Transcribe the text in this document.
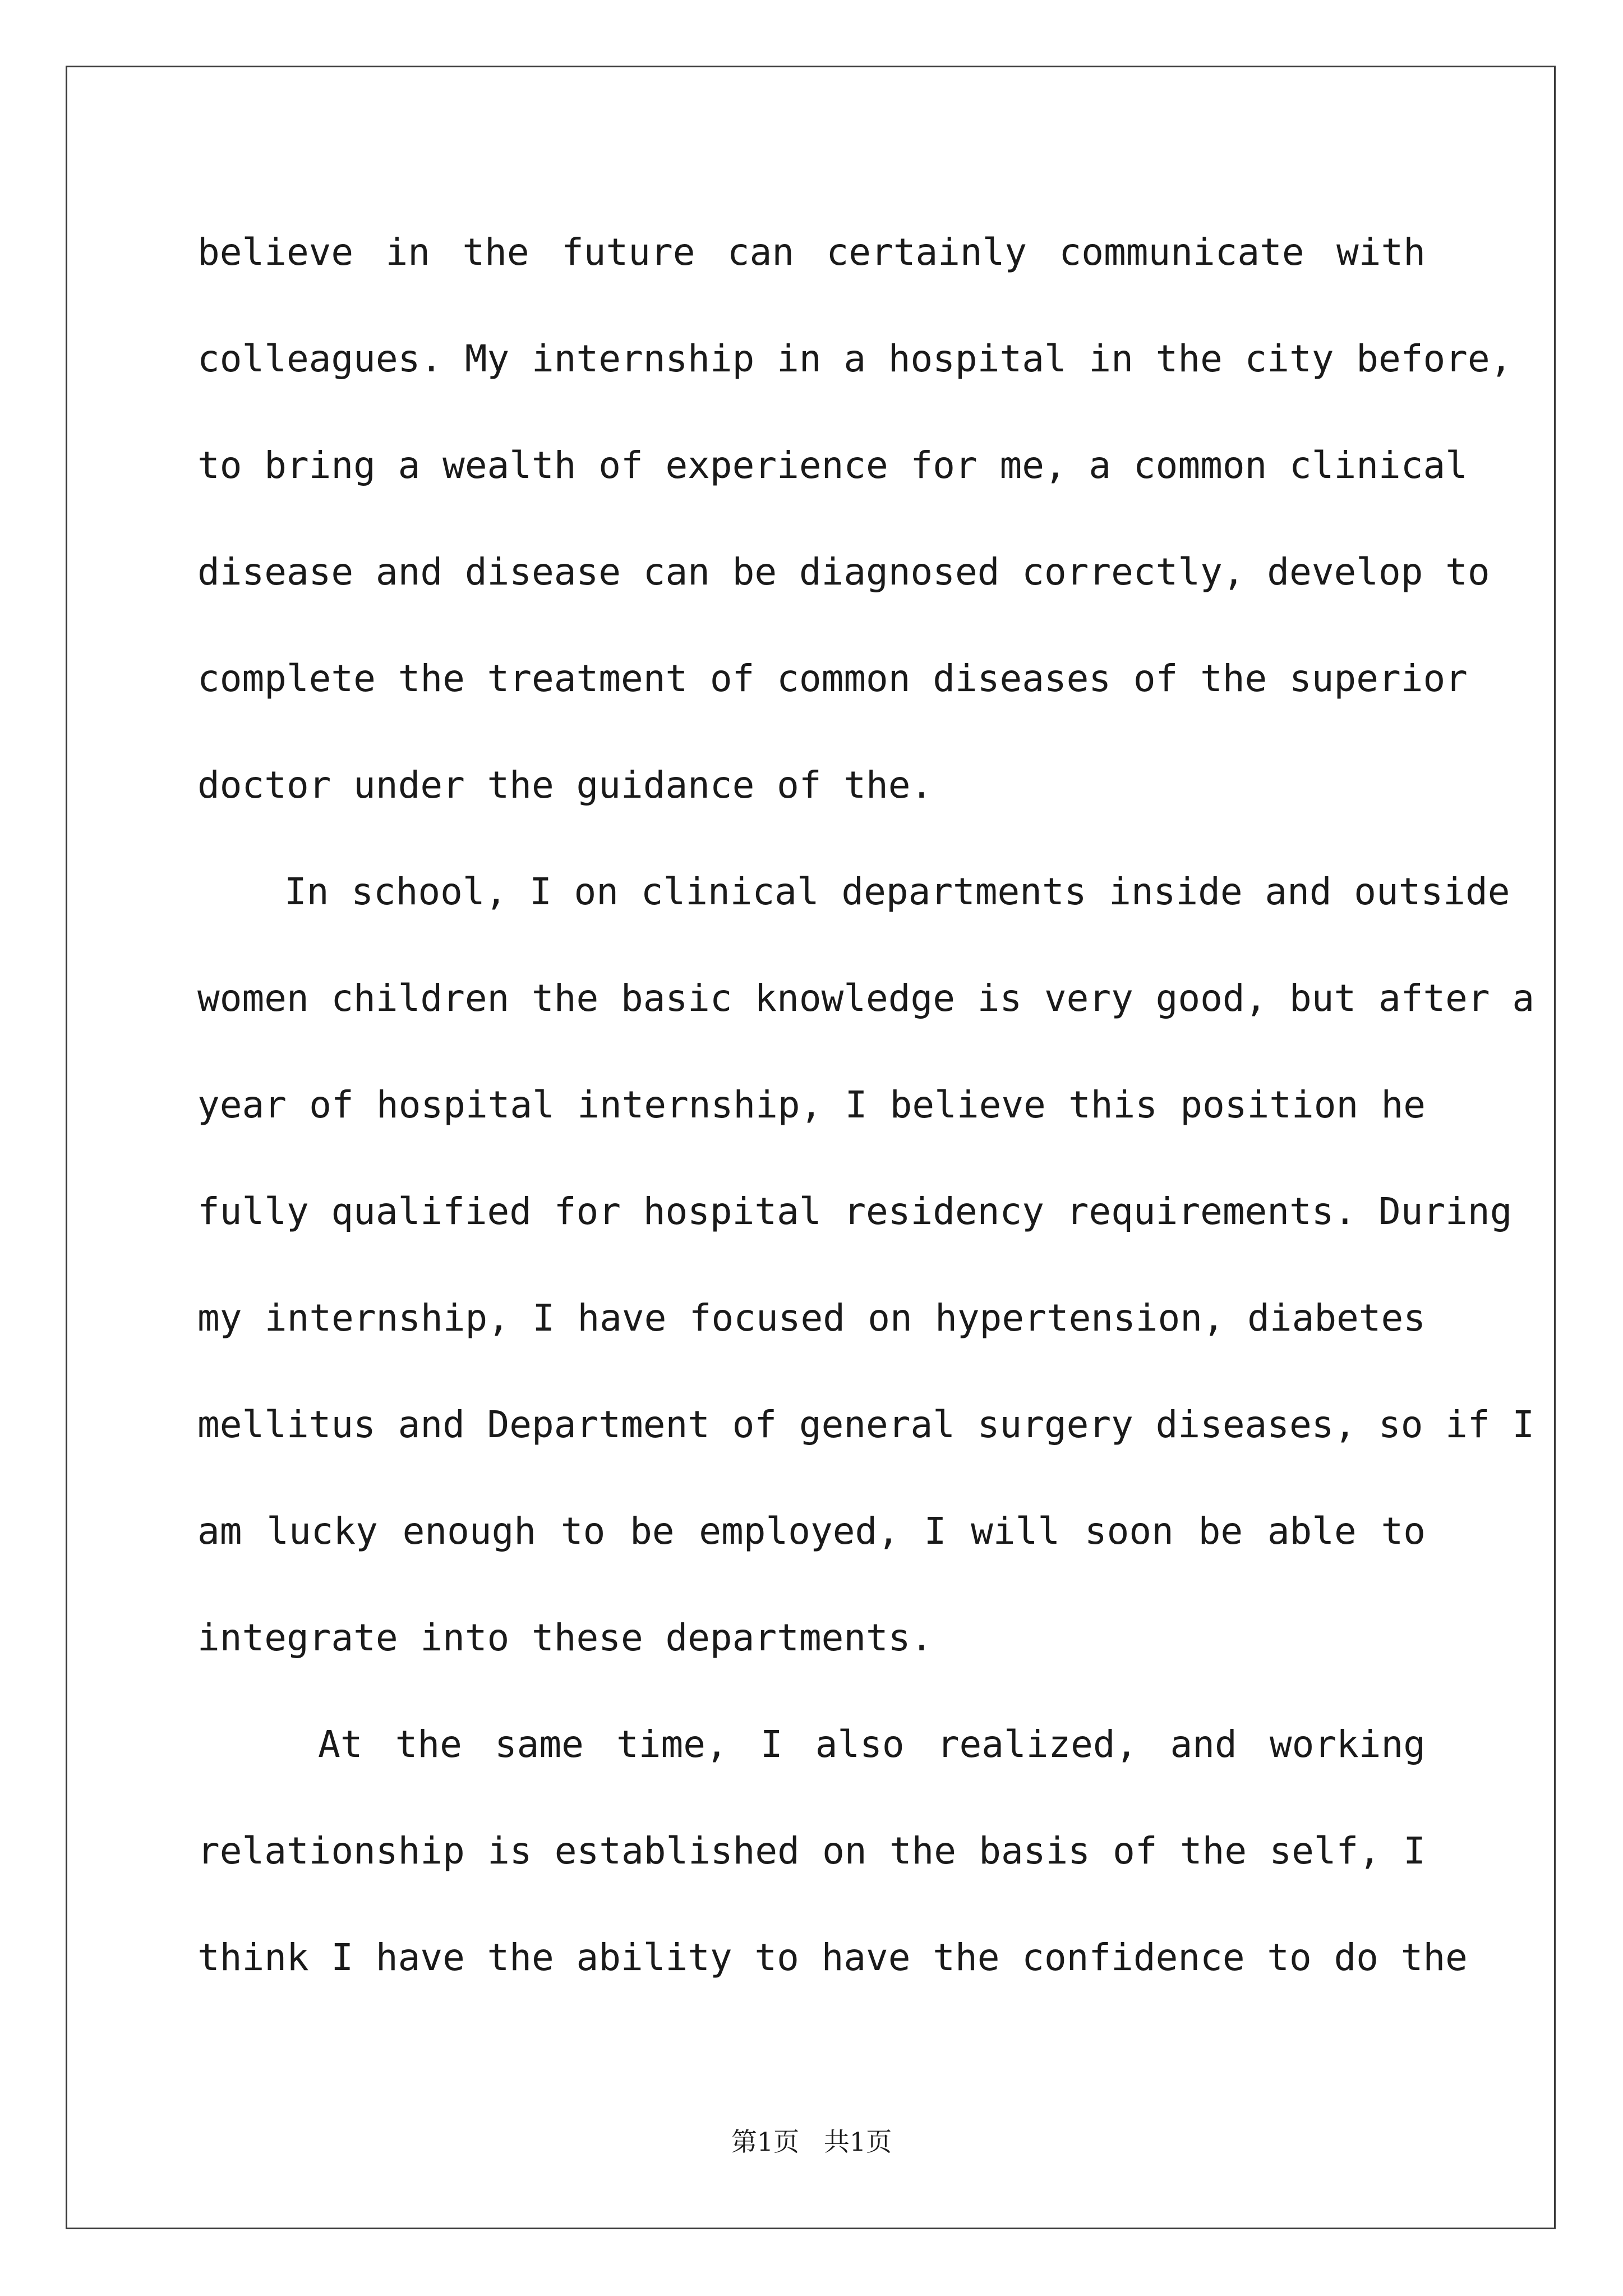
believe in the future can certainly communicate with
colleagues. My internship in a hospital in the city before,
to bring a wealth of experience for me, a common clinical
disease and disease can be diagnosed correctly, develop to
complete the treatment of common diseases of the superior
doctor under the guidance of the.
In school, I on clinical departments inside and outside
women children the basic knowledge is very good, but after a
year of hospital internship, I believe this position he
fully qualified for hospital residency requirements. During
my internship, I have focused on hypertension, diabetes
mellitus and Department of general surgery diseases, so if I
am lucky enough to be employed, I will soon be able to
integrate into these departments.
At the same time, I also realized, and working
relationship is established on the basis of the self, I
think I have the ability to have the confidence to do the
第1页   共1页
